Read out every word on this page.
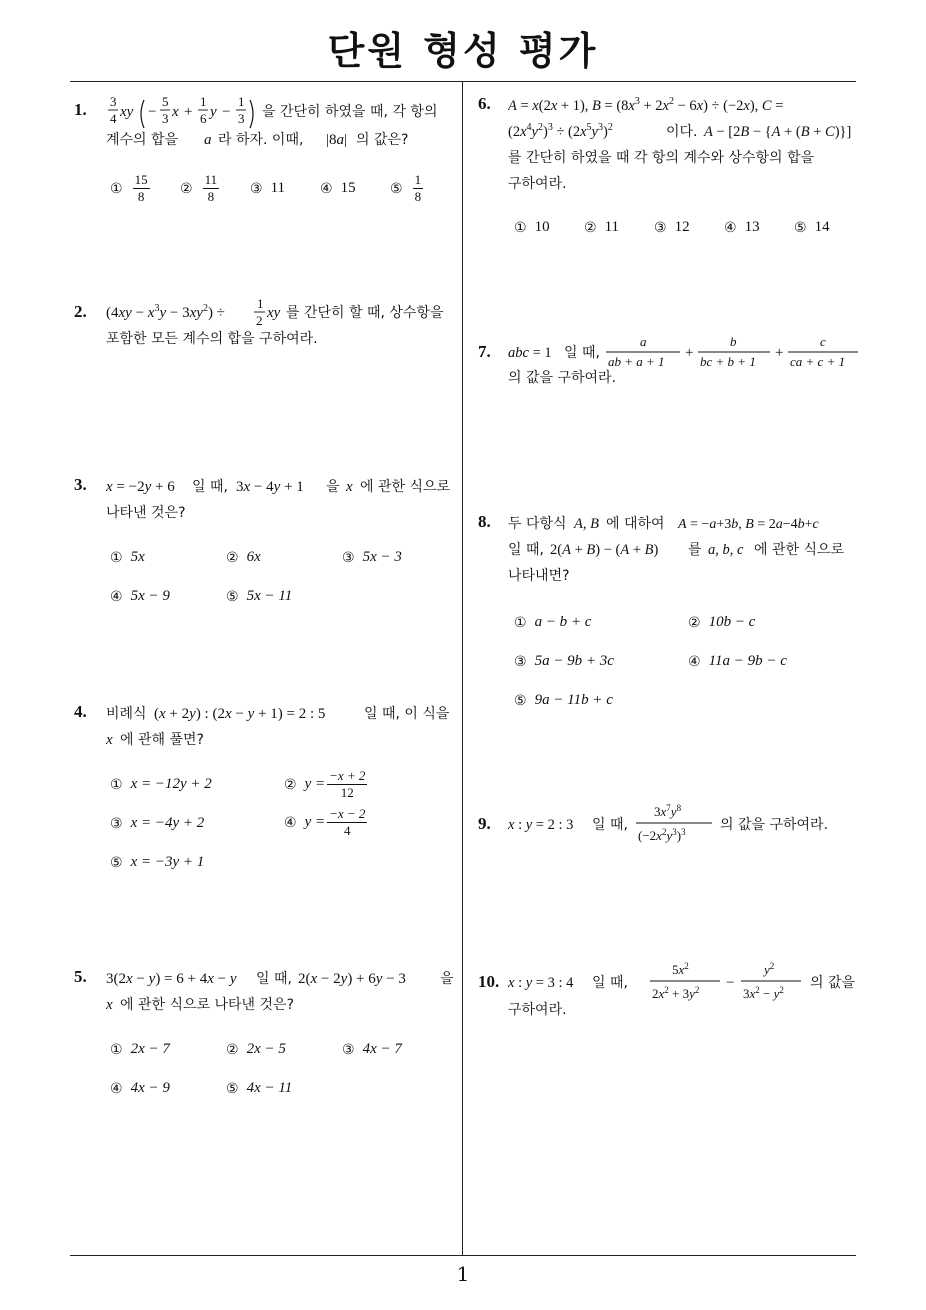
단원 형성 평가
1
1. 3
4 xy −
5
3 x +
1
6 y −
1
3 을 간단히 하였을 때, 각 항의
계수의 합을 a 라 하자. 이때, |8a| 의 값은?
① $\frac{15}{8}$ ② $\frac{11}{8}$ ③ 11 ④ 15 ⑤ $\frac{1}{8}$
2. $(4xy - x^3y - 3xy^2)$ ÷
1
2 xy 를 간단히 할 때, 상수항을
포함한 모든 계수의 합을 구하여라.
3. x = −2y + 6 일 때, 3x − 4y + 1 을 x 에 관한 식으로
나타낸 것은?
① 5x	② 6x	③ 5x − 3
④ 5x − 9	⑤ 5x − 11
4. 비례식 (x + 2y) : (2x − y + 1) = 2 : 5	일 때, 이 식을
x 에 관해 풀면?
① x = −12y + 2	② $y = \frac{-x + 2}{12}$
③ x = −4y + 2	④ $y = \frac{-x - 2}{4}$
⑤ x = −3y + 1
5. 3(2x − y) = 6 + 4x − y 일 때, 2(x − 2y) + 6y − 3 을
x 에 관한 식으로 나타낸 것은?
① 2x − 7	② 2x − 5	③ 4x − 7
④ 4x − 9	⑤ 4x − 11
6. A = x(2x + 1), $B = (8x^3 + 2x^2 - 6x) \div (-2x)$, C =
$(2x^4y^2)^3 \div (2x^5y^3)^2$	이다. A − [2B − {A + (B + C)}]
를 간단히 하였을 때 각 항의 계수와 상수항의 합을
구하여라.
① 10 ② 11 ③ 12 ④ 13 ⑤ 14
7. abc = 1 일 때,
a
ab + a + 1
+
b
bc + b + 1
+
c
ca + c + 1
의 값을 구하여라.
8. 두 다항식 A, B 에 대하여 A = −a+3b, B = 2a−4b+c
일 때, 2(A + B) − (A + B) 를 a, b, c 에 관한 식으로
나타내면?
① a − b + c	② 10b − c
③ 5a − 9b + 3c	④ 11a − 9b − c
⑤ 9a − 11b + c
9. x : y = 2 : 3 일 때,
$3x^7y^8$
$(-2x^2y^3)^3$ 의 값을 구하여라.
10. x : y = 3 : 4 일 때,
$5x^2$
$2x^2 + 3y^2$ −
$y^2$
$3x^2 - y^2$ 의 값을
구하여라.
